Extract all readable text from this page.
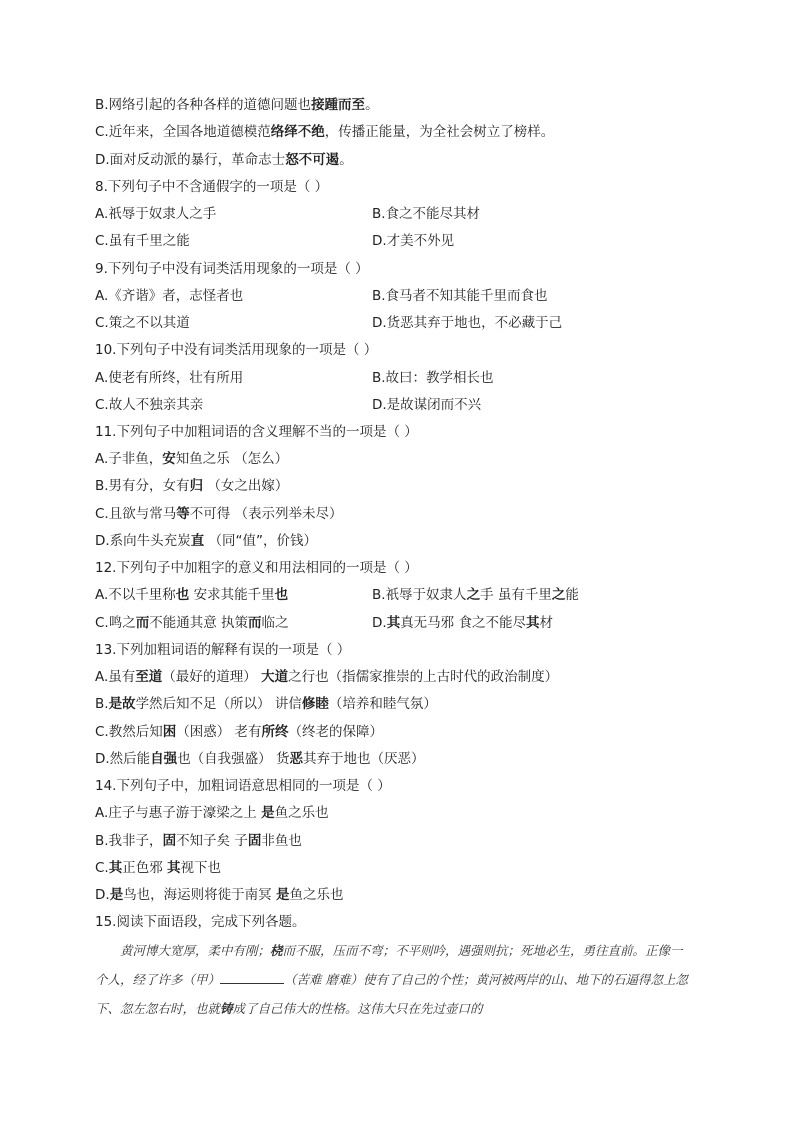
B.网络引起的各种各样的道德问题也接踵而至。
C.近年来，全国各地道德模范络绎不绝，传播正能量，为全社会树立了榜样。
D.面对反动派的暴行，革命志士怒不可遏。
8.下列句子中不含通假字的一项是（ ）
A.祇辱于奴隶人之手	B.食之不能尽其材
C.虽有千里之能	D.才美不外见
9.下列句子中没有词类活用现象的一项是（ ）
A.《齐谐》者，志怪者也	B.食马者不知其能千里而食也
C.策之不以其道	D.货恶其弃于地也，不必藏于己
10.下列句子中没有词类活用现象的一项是（ ）
A.使老有所终，壮有所用	B.故曰：教学相长也
C.故人不独亲其亲	D.是故谋闭而不兴
11.下列句子中加粗词语的含义理解不当的一项是（ ）
A.子非鱼，安知鱼之乐 （怎么）
B.男有分，女有归 （女之出嫁）
C.且欲与常马等不可得 （表示列举未尽）
D.系向牛头充炭直 （同“值”，价钱）
12.下列句子中加粗字的意义和用法相同的一项是（ ）
A.不以千里称也 安求其能千里也	B.祇辱于奴隶人之手 虽有千里之能
C.鸣之而不能通其意 执策而临之	D.其真无马邪 食之不能尽其材
13.下列加粗词语的解释有误的一项是（ ）
A.虽有至道（最好的道理） 大道之行也（指儒家推崇的上古时代的政治制度）
B.是故学然后知不足（所以） 讲信修睦（培养和睦气氛）
C.教然后知困（困惑） 老有所终（终老的保障）
D.然后能自强也（自我强盛） 货恶其弃于地也（厌恶）
14.下列句子中，加粗词语意思相同的一项是（ ）
A.庄子与惠子游于濠梁之上 是鱼之乐也
B.我非子，固不知子矣 子固非鱼也
C.其正色邪 其视下也
D.是鸟也，海运则将徙于南冥 是鱼之乐也
15.阅读下面语段，完成下列各题。
黄河博大宽厚，柔中有刚；桡而不服，压而不弯；不平则吟，遇强则抗；死地必生，勇往直前。正像一个人，经了许多（甲）	（苦难 磨难）使有了自己的个性；黄河被两岸的山、地下的石逼得忽上忽下、忽左忽右时，也就铸成了自己伟大的性格。这伟大只在先过壶口的
